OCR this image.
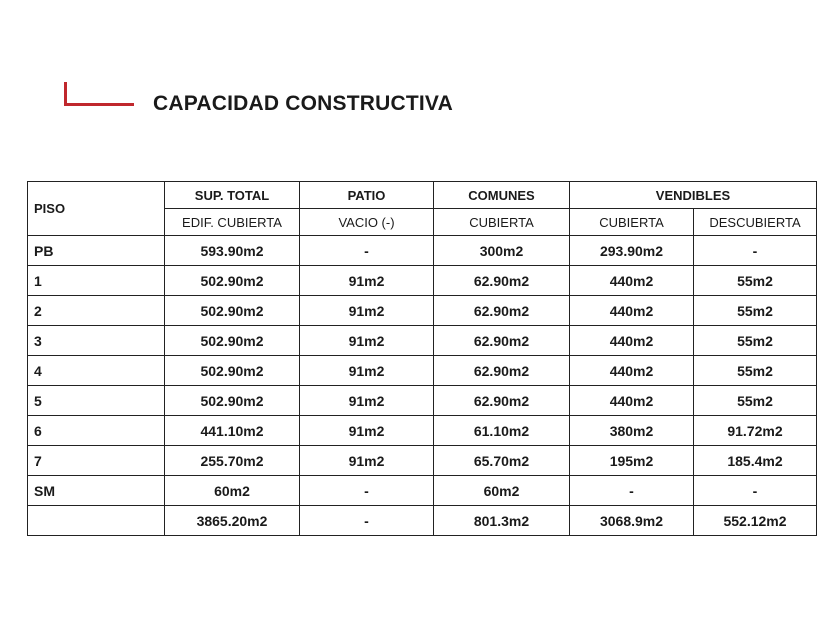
CAPACIDAD CONSTRUCTIVA
PISO	SUP. TOTAL	PATIO	COMUNES	VENDIBLES	
	EDIF. CUBIERTA	VACIO (-)	CUBIERTA	CUBIERTA	DESCUBIERTA
PB	593.90m2	-	300m2	293.90m2	-
1	502.90m2	91m2	62.90m2	440m2	55m2
2	502.90m2	91m2	62.90m2	440m2	55m2
3	502.90m2	91m2	62.90m2	440m2	55m2
4	502.90m2	91m2	62.90m2	440m2	55m2
5	502.90m2	91m2	62.90m2	440m2	55m2
6	441.10m2	91m2	61.10m2	380m2	91.72m2
7	255.70m2	91m2	65.70m2	195m2	185.4m2
SM	60m2	-	60m2	-	-
	3865.20m2	-	801.3m2	3068.9m2	552.12m2
